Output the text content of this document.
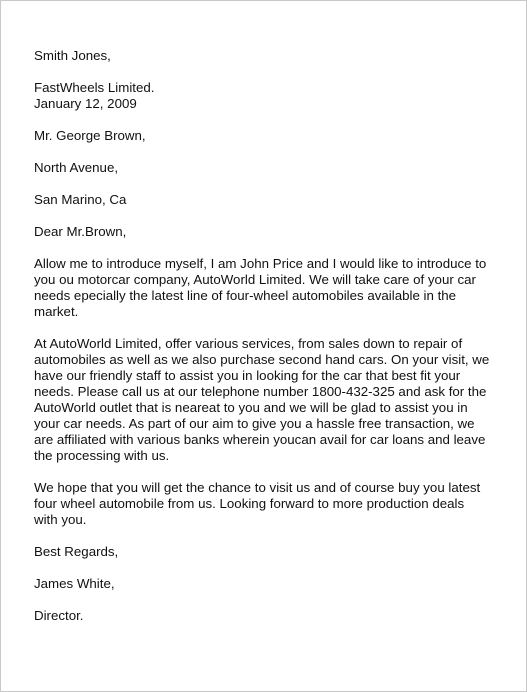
Smith Jones,
FastWheels Limited.
January 12, 2009
Mr. George Brown,
North Avenue,
San Marino, Ca
Dear Mr.Brown,
Allow me to introduce myself, I am John Price and I would like to introduce to
you ou motorcar company, AutoWorld Limited. We will take care of your car
needs epecially the latest line of four-wheel automobiles available in the
market.
At AutoWorld Limited, offer various services, from sales down to repair of
automobiles as well as we also purchase second hand cars. On your visit, we
have our friendly staff to assist you in looking for the car that best fit your
needs. Please call us at our telephone number 1800-432-325 and ask for the
AutoWorld outlet that is neareat to you and we will be glad to assist you in
your car needs. As part of our aim to give you a hassle free transaction, we
are affiliated with various banks wherein youcan avail for car loans and leave
the processing with us.
We hope that you will get the chance to visit us and of course buy you latest
four wheel automobile from us. Looking forward to more production deals
with you.
Best Regards,
James White,
Director.
